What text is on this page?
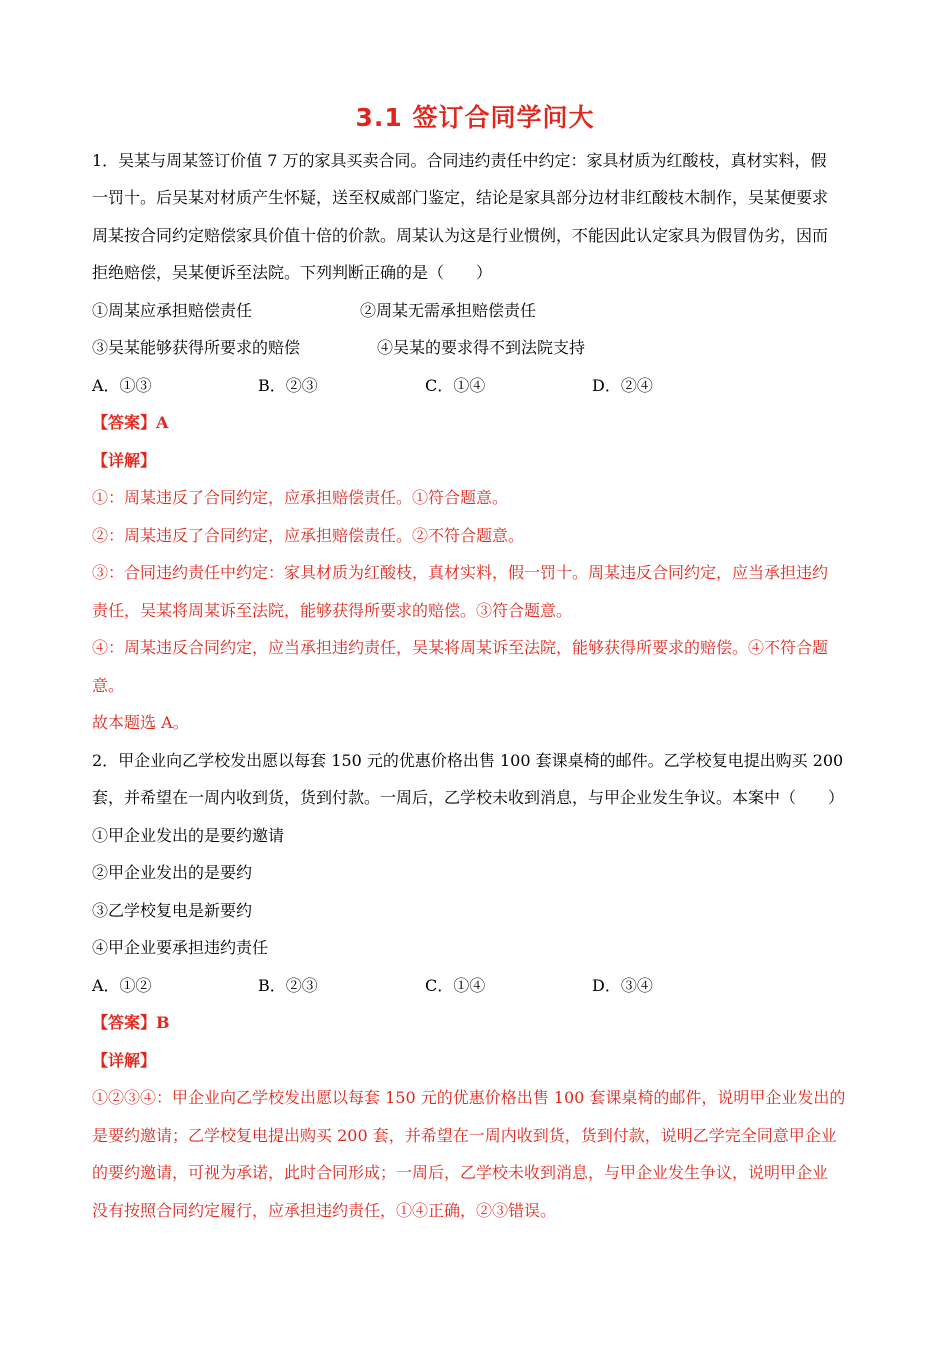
3.1 签订合同学问大
1．吴某与周某签订价值 7 万的家具买卖合同。合同违约责任中约定：家具材质为红酸枝，真材实料，假
一罚十。后吴某对材质产生怀疑，送至权威部门鉴定，结论是家具部分边材非红酸枝木制作，吴某便要求
周某按合同约定赔偿家具价值十倍的价款。周某认为这是行业惯例，不能因此认定家具为假冒伪劣，因而
拒绝赔偿，吴某便诉至法院。下列判断正确的是（　　）
①周某应承担赔偿责任	②周某无需承担赔偿责任
③吴某能够获得所要求的赔偿	④吴某的要求得不到法院支持
A．①③	B．②③	C．①④	D．②④
【答案】A
【详解】
①：周某违反了合同约定，应承担赔偿责任。①符合题意。
②：周某违反了合同约定，应承担赔偿责任。②不符合题意。
③：合同违约责任中约定：家具材质为红酸枝，真材实料，假一罚十。周某违反合同约定，应当承担违约
责任，吴某将周某诉至法院，能够获得所要求的赔偿。③符合题意。
④：周某违反合同约定，应当承担违约责任，吴某将周某诉至法院，能够获得所要求的赔偿。④不符合题
意。
故本题选 A。
2．甲企业向乙学校发出愿以每套 150 元的优惠价格出售 100 套课桌椅的邮件。乙学校复电提出购买 200
套，并希望在一周内收到货，货到付款。一周后，乙学校未收到消息，与甲企业发生争议。本案中（　　）
①甲企业发出的是要约邀请
②甲企业发出的是要约
③乙学校复电是新要约
④甲企业要承担违约责任
A．①②	B．②③	C．①④	D．③④
【答案】B
【详解】
①②③④：甲企业向乙学校发出愿以每套 150 元的优惠价格出售 100 套课桌椅的邮件，说明甲企业发出的
是要约邀请；乙学校复电提出购买 200 套，并希望在一周内收到货，货到付款，说明乙学完全同意甲企业
的要约邀请，可视为承诺，此时合同形成；一周后，乙学校未收到消息，与甲企业发生争议，说明甲企业
没有按照合同约定履行，应承担违约责任，①④正确，②③错误。
